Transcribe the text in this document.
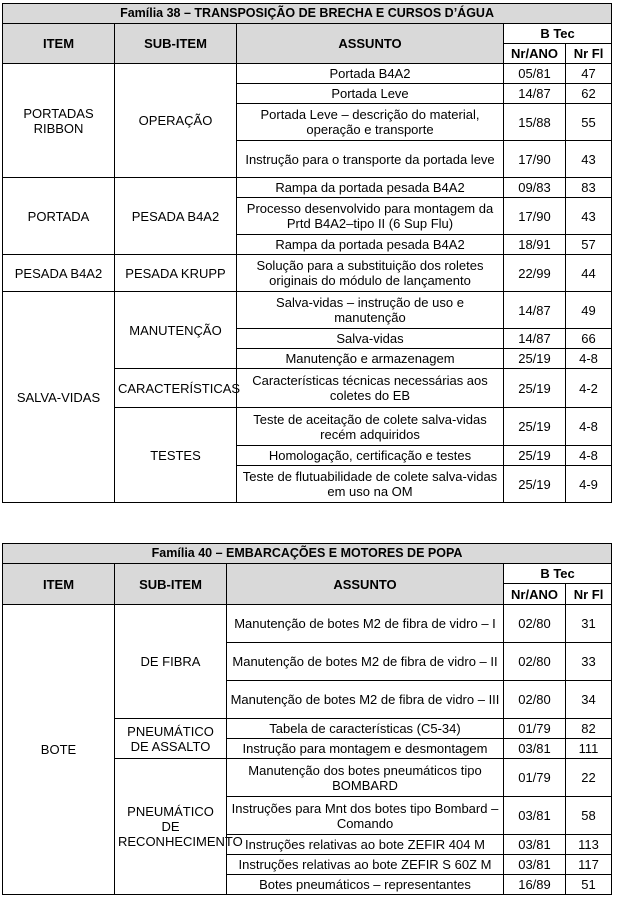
Família 38 – TRANSPOSIÇÃO DE BRECHA E CURSOS D’ÁGUA				
ITEM	SUB-ITEM	ASSUNTO	B Tec	
			Nr/ANO	Nr Fl
PORTADAS RIBBON	OPERAÇÃO	Portada B4A2	05/81	47
		Portada Leve	14/87	62
		Portada Leve – descrição do material, operação e transporte	15/88	55
		Instrução para o transporte da portada leve	17/90	43
PORTADA	PESADA B4A2	Rampa da portada pesada B4A2	09/83	83
		Processo desenvolvido para montagem da Prtd B4A2–tipo II (6 Sup Flu)	17/90	43
		Rampa da portada pesada B4A2	18/91	57
PESADA B4A2	PESADA KRUPP	Solução para a substituição dos roletes originais do módulo de lançamento	22/99	44
SALVA-VIDAS	MANUTENÇÃO	Salva-vidas – instrução de uso e manutenção	14/87	49
		Salva-vidas	14/87	66
		Manutenção e armazenagem	25/19	4-8
	CARACTERÍSTICAS	Características técnicas necessárias aos coletes do EB	25/19	4-2
	TESTES	Teste de aceitação de colete salva-vidas recém adquiridos	25/19	4-8
		Homologação, certificação e testes	25/19	4-8
		Teste de flutuabilidade de colete salva-vidas em uso na OM	25/19	4-9
Família 40 – EMBARCAÇÕES E MOTORES DE POPA				
ITEM	SUB-ITEM	ASSUNTO	B Tec	
			Nr/ANO	Nr Fl
BOTE	DE FIBRA	Manutenção de botes M2 de fibra de vidro – I	02/80	31
		Manutenção de botes M2 de fibra de vidro – II	02/80	33
		Manutenção de botes M2 de fibra de vidro – III	02/80	34
	PNEUMÁTICO DE ASSALTO	Tabela de características (C5-34)	01/79	82
		Instrução para montagem e desmontagem	03/81	111
	PNEUMÁTICO DE RECONHECIMENTO	Manutenção dos botes pneumáticos tipo BOMBARD	01/79	22
		Instruções para Mnt dos botes tipo Bombard – Comando	03/81	58
		Instruções relativas ao bote ZEFIR 404 M	03/81	113
		Instruções relativas ao bote ZEFIR S 60Z M	03/81	117
		Botes pneumáticos – representantes	16/89	51
